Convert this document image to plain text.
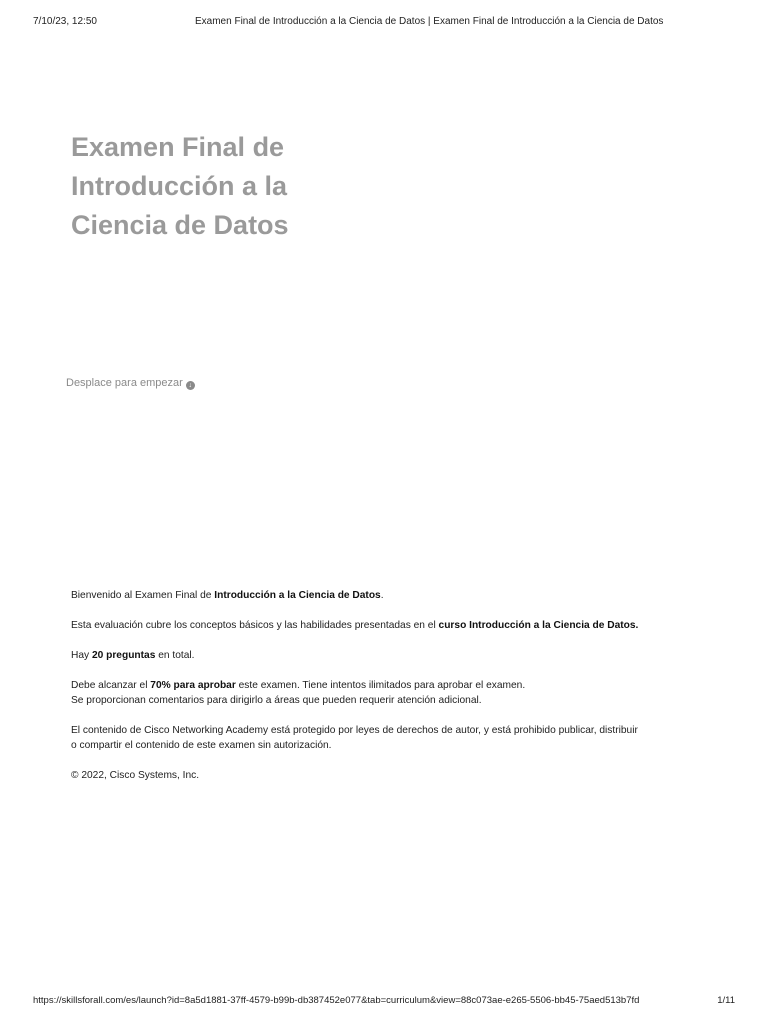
7/10/23, 12:50	Examen Final de Introducción a la Ciencia de Datos | Examen Final de Introducción a la Ciencia de Datos
Examen Final de
Introducción a la
Ciencia de Datos
Desplace para empezar ↓

Bienvenido al Examen Final de Introducción a la Ciencia de Datos.

Esta evaluación cubre los conceptos básicos y las habilidades presentadas en el curso Introducción a la Ciencia de Datos.

Hay 20 preguntas en total.

Debe alcanzar el 70% para aprobar este examen. Tiene intentos ilimitados para aprobar el examen.
Se proporcionan comentarios para dirigirlo a áreas que pueden requerir atención adicional.

El contenido de Cisco Networking Academy está protegido por leyes de derechos de autor, y está prohibido publicar, distribuir
o compartir el contenido de este examen sin autorización.

© 2022, Cisco Systems, Inc.

https://skillsforall.com/es/launch?id=8a5d1881-37ff-4579-b99b-db387452e077&tab=curriculum&view=88c073ae-e265-5506-bb45-75aed513b7fd	1/11
